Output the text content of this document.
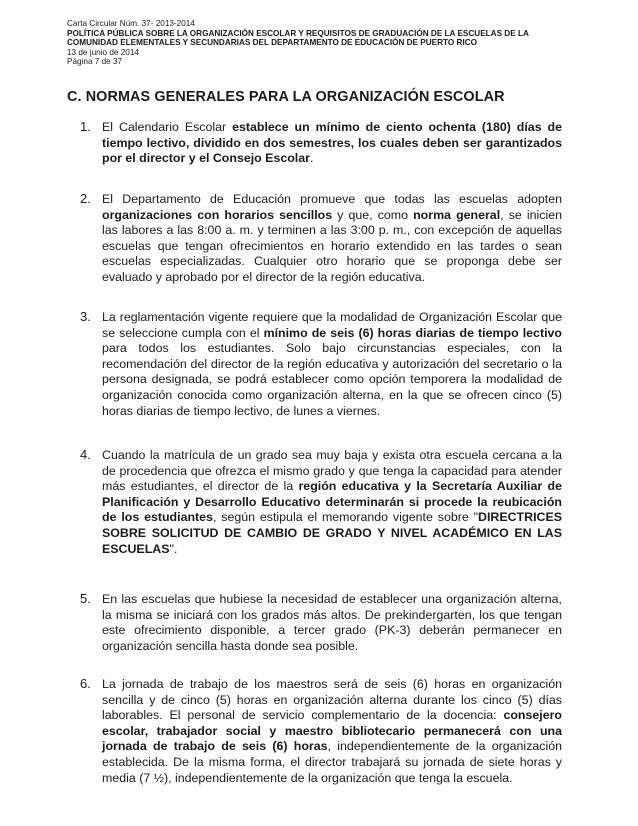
Carta Circular Núm. 37- 2013-2014
POLÍTICA PÚBLICA SOBRE LA ORGANIZACIÓN ESCOLAR Y REQUISITOS DE GRADUACIÓN DE LA ESCUELAS DE LA
COMUNIDAD ELEMENTALES Y SECUNDARIAS DEL DEPARTAMENTO DE EDUCACIÓN DE PUERTO RICO
13 de junio de 2014
Página 7 de 37
C. NORMAS GENERALES PARA LA ORGANIZACIÓN ESCOLAR
1. El Calendario Escolar establece un mínimo de ciento ochenta (180) días de tiempo lectivo, dividido en dos semestres, los cuales deben ser garantizados por el director y el Consejo Escolar.
2. El Departamento de Educación promueve que todas las escuelas adopten organizaciones con horarios sencillos y que, como norma general, se inicien las labores a las 8:00 a. m. y terminen a las 3:00 p. m., con excepción de aquellas escuelas que tengan ofrecimientos en horario extendido en las tardes o sean escuelas especializadas. Cualquier otro horario que se proponga debe ser evaluado y aprobado por el director de la región educativa.
3. La reglamentación vigente requiere que la modalidad de Organización Escolar que se seleccione cumpla con el mínimo de seis (6) horas diarias de tiempo lectivo para todos los estudiantes. Solo bajo circunstancias especiales, con la recomendación del director de la región educativa y autorización del secretario o la persona designada, se podrá establecer como opción temporera la modalidad de organización conocida como organización alterna, en la que se ofrecen cinco (5) horas diarias de tiempo lectivo, de lunes a viernes.
4. Cuando la matrícula de un grado sea muy baja y exista otra escuela cercana a la de procedencia que ofrezca el mismo grado y que tenga la capacidad para atender más estudiantes, el director de la región educativa y la Secretaría Auxiliar de Planificación y Desarrollo Educativo determinarán si procede la reubicación de los estudiantes, según estipula el memorando vigente sobre "DIRECTRICES SOBRE SOLICITUD DE CAMBIO DE GRADO Y NIVEL ACADÉMICO EN LAS ESCUELAS".
5. En las escuelas que hubiese la necesidad de establecer una organización alterna, la misma se iniciará con los grados más altos. De prekindergarten, los que tengan este ofrecimiento disponible, a tercer grado (PK-3) deberán permanecer en organización sencilla hasta donde sea posible.
6. La jornada de trabajo de los maestros será de seis (6) horas en organización sencilla y de cinco (5) horas en organización alterna durante los cinco (5) días laborables. El personal de servicio complementario de la docencia: consejero escolar, trabajador social y maestro bibliotecario permanecerá con una jornada de trabajo de seis (6) horas, independientemente de la organización establecida. De la misma forma, el director trabajará su jornada de siete horas y media (7 ½), independientemente de la organización que tenga la escuela.
